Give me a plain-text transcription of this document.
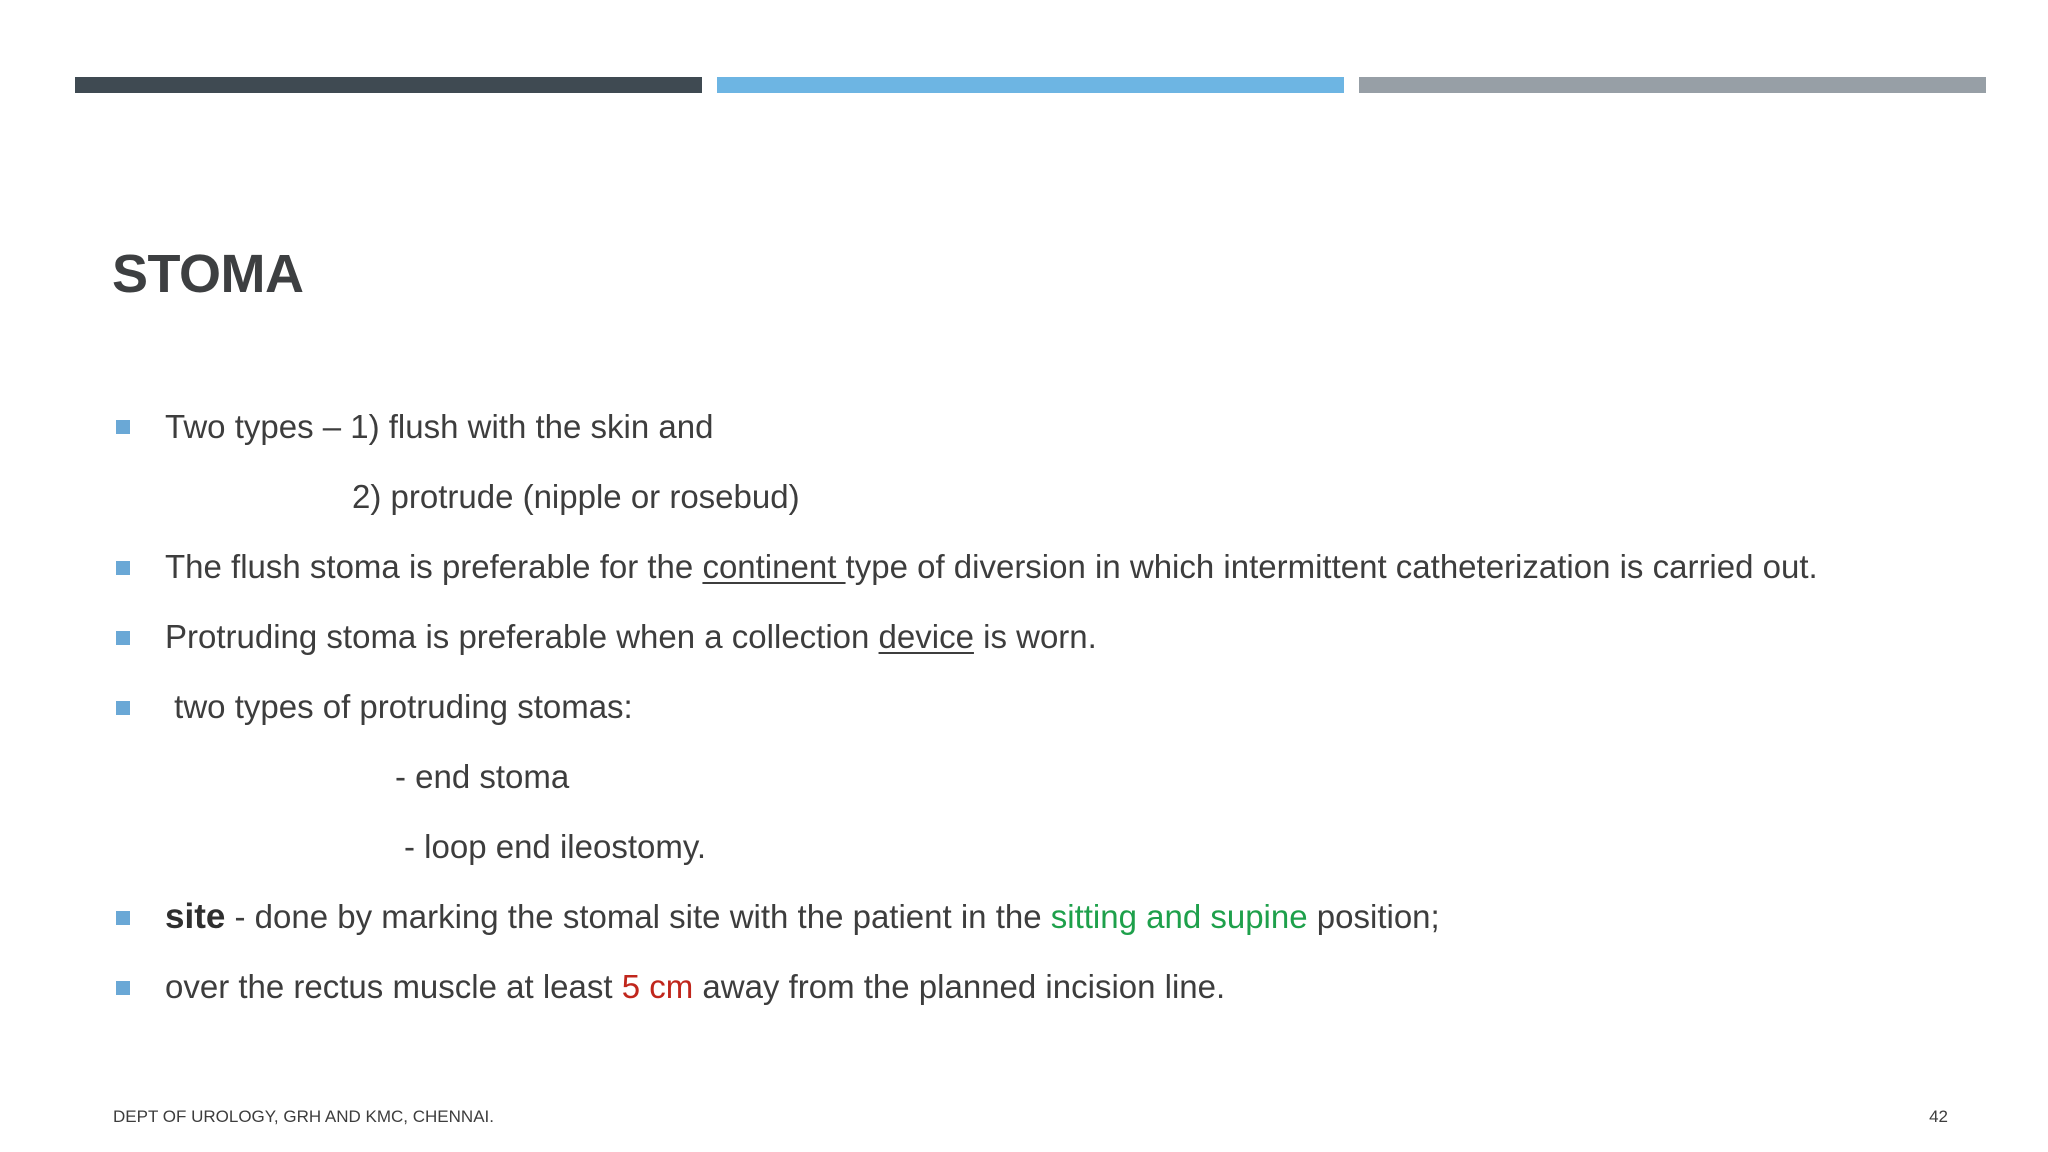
STOMA
Two types – 1) flush with the skin and
2) protrude (nipple or rosebud)
The flush stoma is preferable for the continent type of diversion in which intermittent catheterization is carried out.
Protruding stoma is preferable when a collection device is worn.
two types of protruding stomas:
- end stoma
- loop end ileostomy.
site - done by marking the stomal site with the patient in the sitting and supine position;
over the rectus muscle at least 5 cm away from the planned incision line.
DEPT OF UROLOGY, GRH AND KMC, CHENNAI.	42
